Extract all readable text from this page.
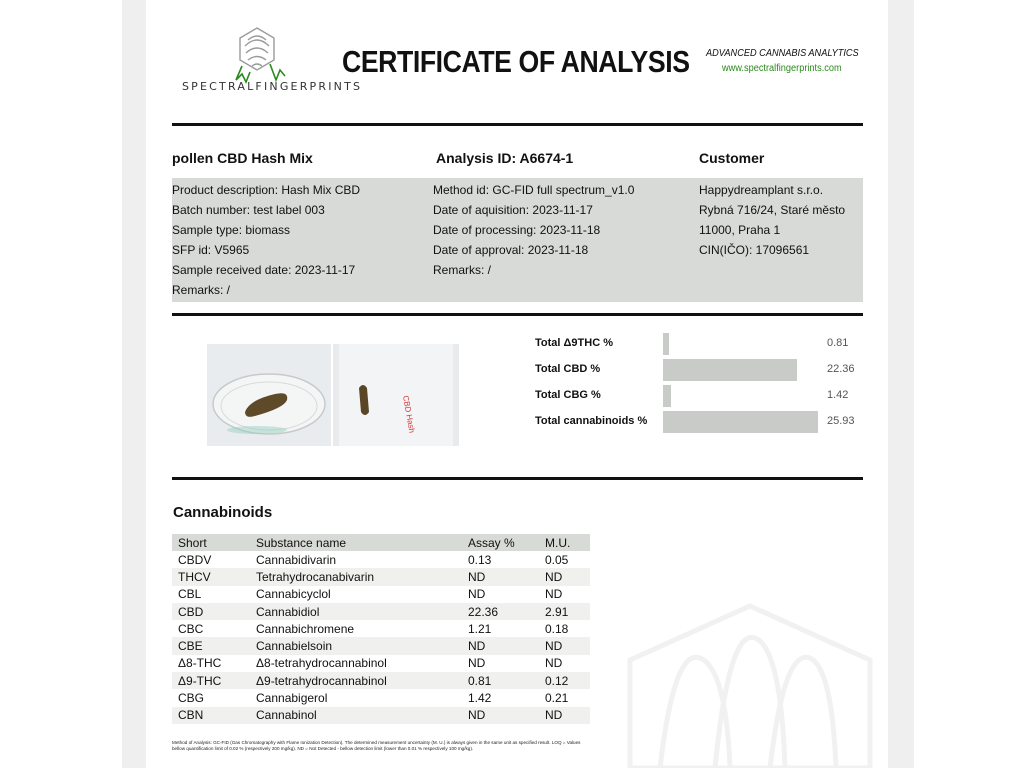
SPECTRALFINGERPRINTS
CERTIFICATE OF ANALYSIS ADVANCED CANNABIS ANALYTICS
www.spectralfingerprints.com
pollen CBD Hash Mix	Analysis ID: A6674-1	Customer
Product description: Hash Mix CBD
Batch number: test label 003
Sample type: biomass
SFP id: V5965
Sample received date: 2023-11-17
Remarks: /
Method id: GC-FID full spectrum_v1.0
Date of aquisition: 2023-11-17
Date of processing: 2023-11-18
Date of approval: 2023-11-18
Remarks: /
Happydreamplant s.r.o.
Rybná 716/24, Staré město
11000, Praha 1
CIN(IČO): 17096561
CBD Hash
Total Δ9THC %	0.81
Total CBD %	22.36
Total CBG %	1.42
Total cannabinoids %	25.93
Cannabinoids
Short	Substance name	Assay %	M.U.
CBDV	Cannabidivarin	0.13	0.05
THCV	Tetrahydrocanabivarin	ND	ND
CBL	Cannabicyclol	ND	ND
CBD	Cannabidiol	22.36	2.91
CBC	Cannabichromene	1.21	0.18
CBE	Cannabielsoin	ND	ND
Δ8-THC	Δ8-tetrahydrocannabinol	ND	ND
Δ9-THC	Δ9-tetrahydrocannabinol	0.81	0.12
CBG	Cannabigerol	1.42	0.21
CBN	Cannabinol	ND	ND
Method of Analysis: GC-FID (Gas Chromatography with Flame Ionization Detection). The determined measurement uncertainty (M. U.) is always given in the same unit as specified result. LOQ = Values bellow quantification limit of 0.02 % (respectively 200 mg/kg). ND = Not Detected - bellow detection limit (lower than 0.01 % respectively 100 mg/kg).
